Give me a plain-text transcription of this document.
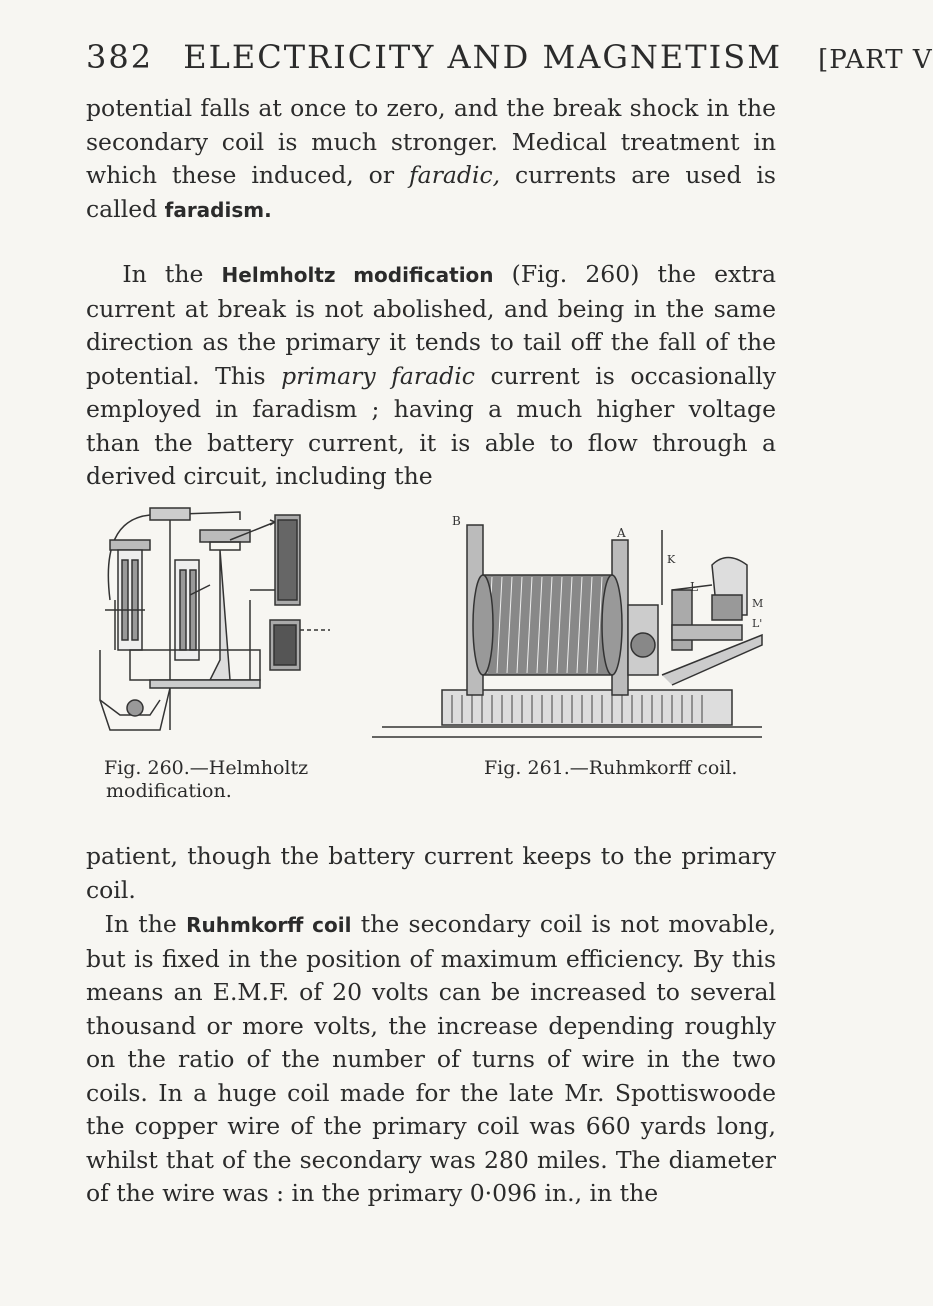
382 ELECTRICITY AND MAGNETISM [PART V

potential falls at once to zero, and the break shock in the secondary coil is much stronger. Medical treatment in which these induced, or faradic, currents are used is called faradism.

In the Helmholtz modification (Fig. 260) the extra current at break is not abolished, and being in the same direction as the primary it tends to tail off the fall of the potential. This primary faradic current is occasionally employed in faradism ; having a much higher voltage than the battery current, it is able to flow through a derived circuit, including the

B
A
K
L
M
L'
Fig. 260.—Helmholtz
modification.
Fig. 261.—Ruhmkorff coil.

patient, though the battery current keeps to the primary coil.

In the Ruhmkorff coil the secondary coil is not movable, but is fixed in the position of maximum efficiency. By this means an E.M.F. of 20 volts can be increased to several thousand or more volts, the increase depending roughly on the ratio of the number of turns of wire in the two coils. In a huge coil made for the late Mr. Spottiswoode the copper wire of the primary coil was 660 yards long, whilst that of the secondary was 280 miles. The diameter of the wire was : in the primary 0·096 in., in the
